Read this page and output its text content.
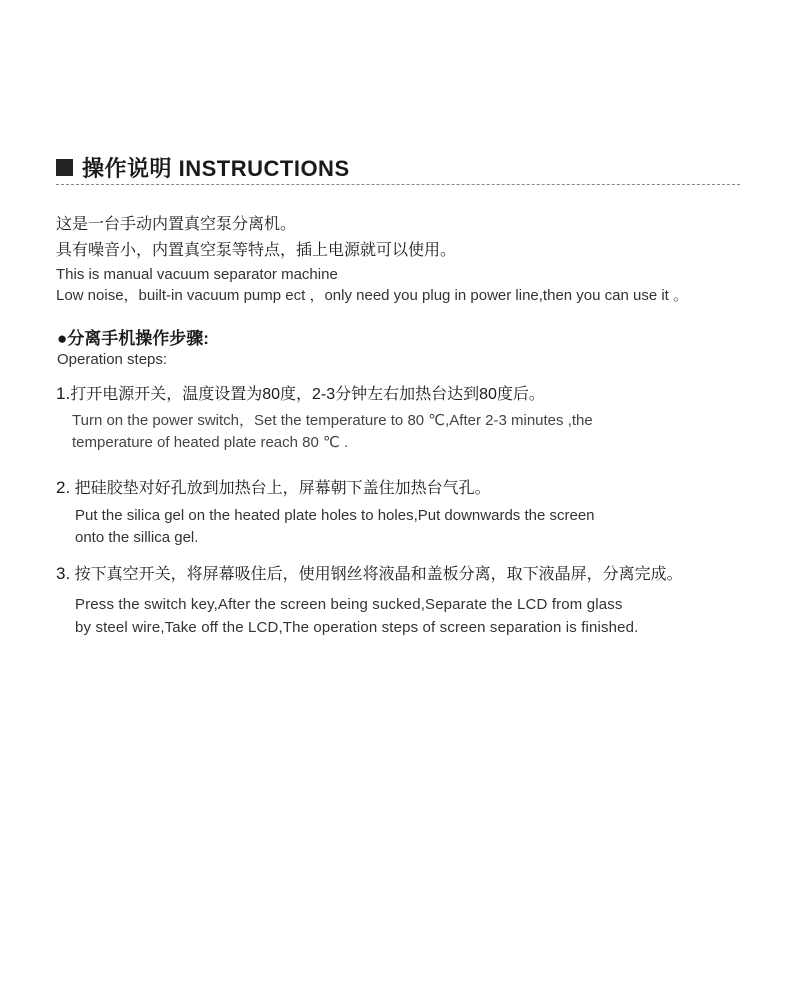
操作说明 INSTRUCTIONS
这是一台手动内置真空泵分离机。
具有噪音小，内置真空泵等特点，插上电源就可以使用。
This is manual vacuum separator machine
Low noise，built-in vacuum pump ect ，only need you plug in power line,then you can use it 。
●分离手机操作步骤:
Operation steps:
1.打开电源开关，温度设置为80度，2-3分钟左右加热台达到80度后。
Turn on the power switch，Set the temperature to 80 ℃,After 2-3 minutes ,the
temperature of heated plate reach 80 ℃ .
2. 把硅胶垫对好孔放到加热台上，屏幕朝下盖住加热台气孔。
Put the silica gel on the heated plate holes to holes,Put downwards the screen
onto the sillica gel.
3. 按下真空开关，将屏幕吸住后，使用钢丝将液晶和盖板分离，取下液晶屏，分离完成。
Press the switch key,After the screen being sucked,Separate the LCD from glass
by steel wire,Take off the LCD,The operation steps of screen separation is finished.
